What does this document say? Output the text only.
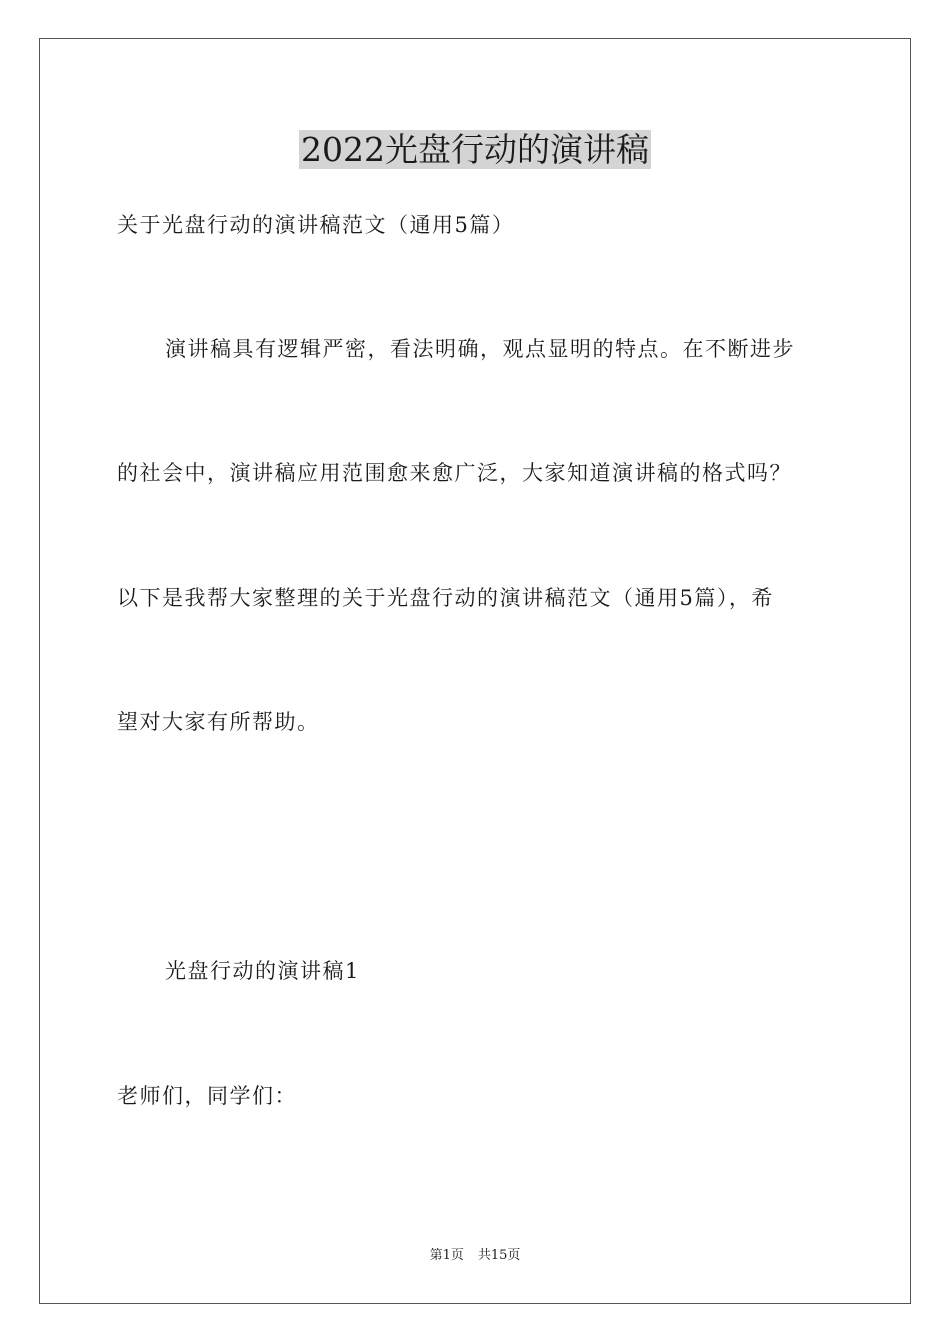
2022光盘行动的演讲稿
关于光盘行动的演讲稿范文（通用5篇）
演讲稿具有逻辑严密，看法明确，观点显明的特点。在不断进步
的社会中，演讲稿应用范围愈来愈广泛，大家知道演讲稿的格式吗？
以下是我帮大家整理的关于光盘行动的演讲稿范文（通用5篇），希
望对大家有所帮助。
光盘行动的演讲稿1
老师们，同学们：
第1页 共15页
